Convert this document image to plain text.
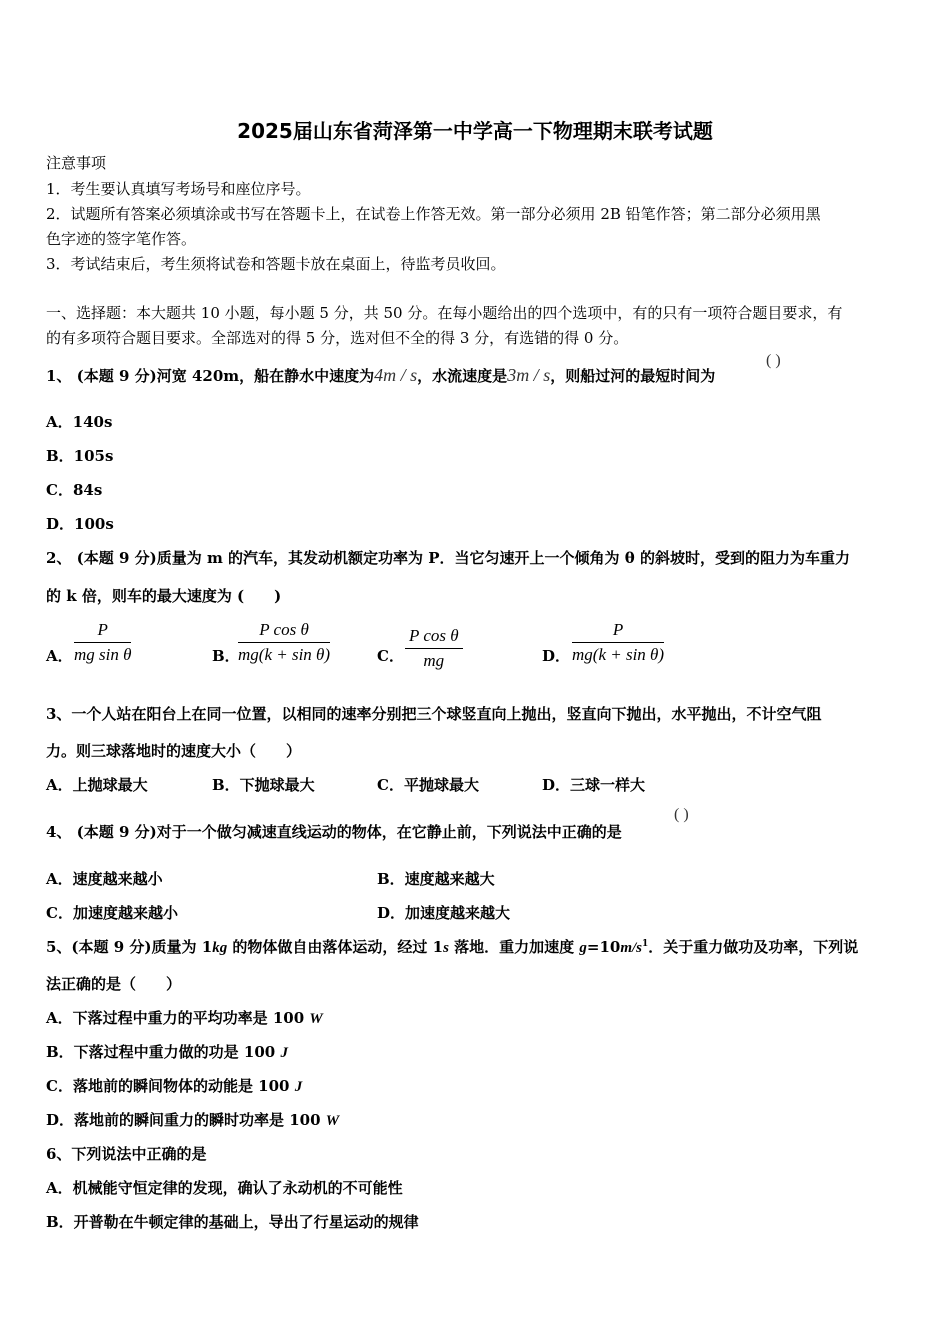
2025届山东省菏泽第一中学高一下物理期末联考试题
注意事项
1．考生要认真填写考场号和座位序号。
2．试题所有答案必须填涂或书写在答题卡上，在试卷上作答无效。第一部分必须用 2B 铅笔作答；第二部分必须用黑
色字迹的签字笔作答。
3．考试结束后，考生须将试卷和答题卡放在桌面上，待监考员收回。
一、选择题：本大题共 10 小题，每小题 5 分，共 50 分。在每小题给出的四个选项中，有的只有一项符合题目要求，有
的有多项符合题目要求。全部选对的得 5 分，选对但不全的得 3 分，有选错的得 0 分。
1、 (本题 9 分)河宽 420m，船在静水中速度为4m / s，水流速度是3m / s，则船过河的最短时间为
( )
A．140s
B．105s
C．84s
D．100s
2、 (本题 9 分)质量为 m 的汽车，其发动机额定功率为 P．当它匀速开上一个倾角为 θ 的斜坡时，受到的阻力为车重力
的 k 倍，则车的最大速度为 (　　)
A． $\frac{P}{\text{mg sin θ}}$	B．
$\frac{\text{P cos θ}}{\text{mg(k + sin θ)}}$	C． $\frac{\text{P cos θ}}{mg}$	D． $\frac{P}{\text{mg(k + sin θ)}}$
3、一个人站在阳台上在同一位置，以相同的速率分别把三个球竖直向上抛出，竖直向下抛出，水平抛出，不计空气阻
力。则三球落地时的速度大小（　　）
A．上抛球最大	B．下抛球最大	C．平抛球最大	D．三球一样大
4、 (本题 9 分)对于一个做匀减速直线运动的物体，在它静止前，下列说法中正确的是
( )
A．速度越来越小	B．速度越来越大
C．加速度越来越小	D．加速度越来越大
5、(本题 9 分)质量为 1kg 的物体做自由落体运动，经过 1s 落地．重力加速度 $g=10m/s^1$．关于重力做功及功率，下列说
法正确的是（　　）
A．下落过程中重力的平均功率是 100 W
B．下落过程中重力做的功是 100 J
C．落地前的瞬间物体的动能是 100 J
D．落地前的瞬间重力的瞬时功率是 100 W
6、下列说法中正确的是
A．机械能守恒定律的发现，确认了永动机的不可能性
B．开普勒在牛顿定律的基础上，导出了行星运动的规律
